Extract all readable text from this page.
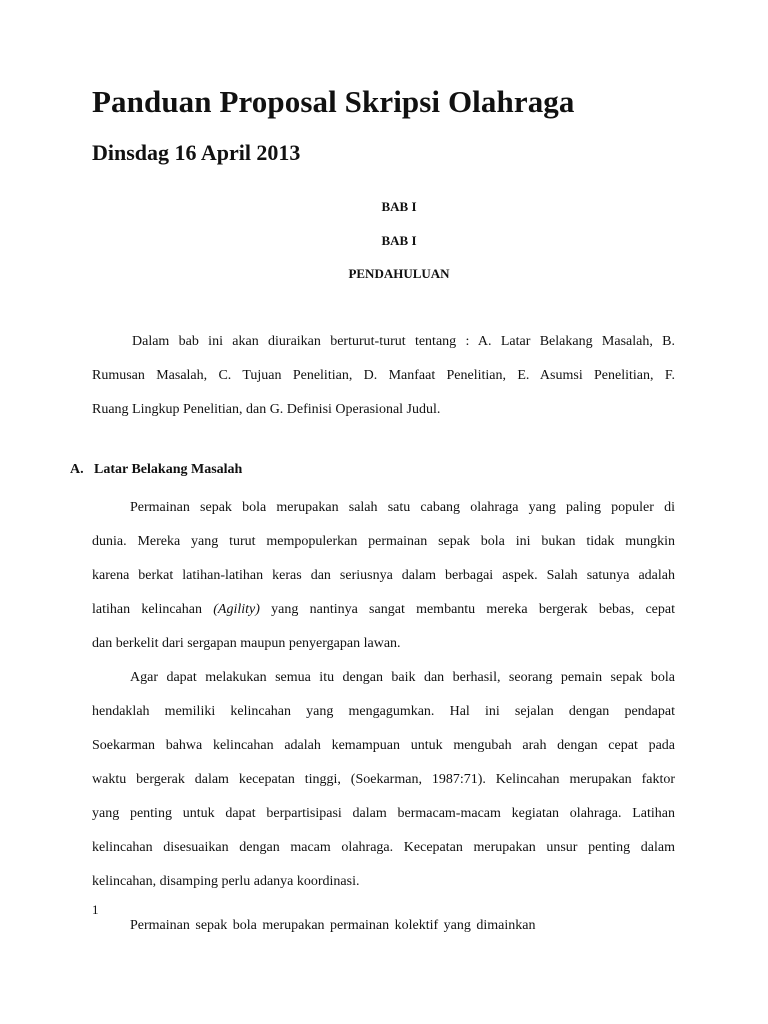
Panduan Proposal Skripsi Olahraga
Dinsdag 16 April 2013

BAB I

BAB I

PENDAHULUAN

Dalam bab ini akan diuraikan berturut-turut tentang : A. Latar Belakang Masalah, B.
Rumusan Masalah, C. Tujuan Penelitian, D. Manfaat Penelitian, E. Asumsi Penelitian, F.
Ruang Lingkup Penelitian, dan G. Definisi Operasional Judul.

A. Latar Belakang Masalah

Permainan sepak bola merupakan salah satu cabang olahraga yang paling populer di
dunia. Mereka yang turut mempopulerkan permainan sepak bola ini bukan tidak mungkin
karena berkat latihan-latihan keras dan seriusnya dalam berbagai aspek. Salah satunya adalah
latihan kelincahan (Agility) yang nantinya sangat membantu mereka bergerak bebas, cepat
dan berkelit dari sergapan maupun penyergapan lawan.
Agar dapat melakukan semua itu dengan baik dan berhasil, seorang pemain sepak bola
hendaklah memiliki kelincahan yang mengagumkan. Hal ini sejalan dengan pendapat
Soekarman bahwa kelincahan adalah kemampuan untuk mengubah arah dengan cepat pada
waktu bergerak dalam kecepatan tinggi, (Soekarman, 1987:71). Kelincahan merupakan faktor
yang penting untuk dapat berpartisipasi dalam bermacam-macam kegiatan olahraga. Latihan
kelincahan disesuaikan dengan macam olahraga. Kecepatan merupakan unsur penting dalam
kelincahan, disamping perlu adanya koordinasi.

1

Permainan sepak bola merupakan permainan kolektif yang dimainkan
